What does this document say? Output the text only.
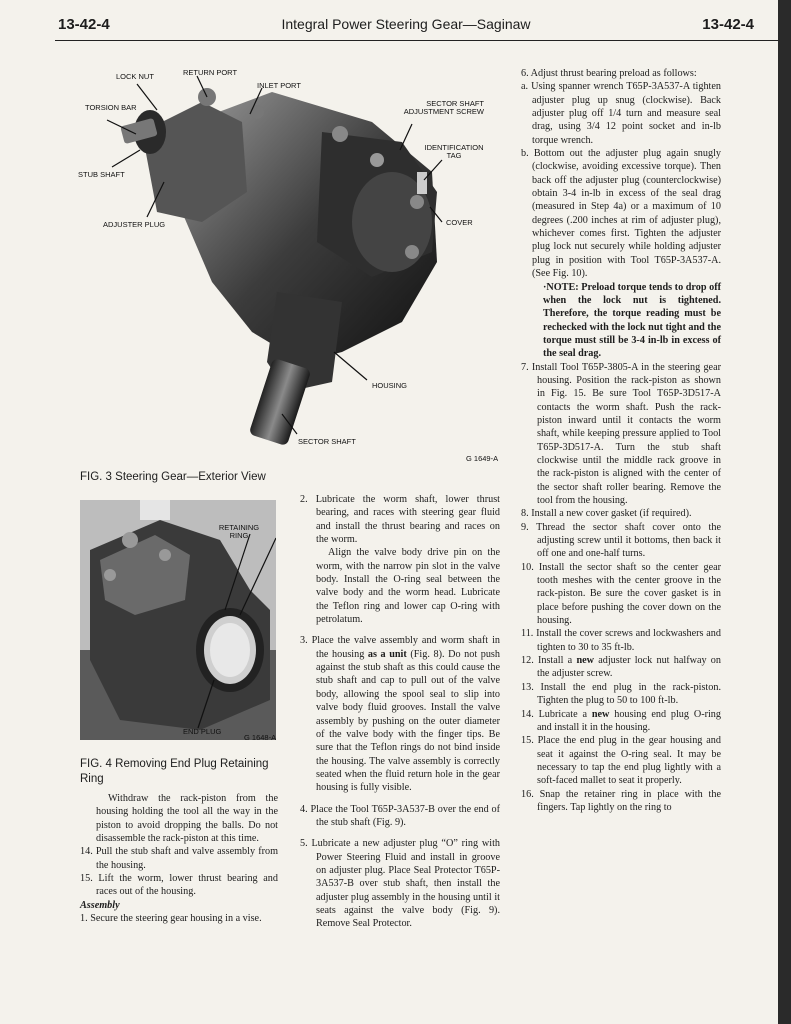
13-42-4	Integral Power Steering Gear—Saginaw	13-42-4
LOCK NUT	RETURN PORT
INLET PORT
TORSION BAR	SECTOR SHAFT ADJUSTMENT SCREW
IDENTIFICATION TAG
STUB SHAFT
ADJUSTER PLUG	COVER
HOUSING
SECTOR SHAFT
G 1649-A
FIG. 3 Steering Gear—Exterior View
RETAINING RING
END PLUG
G 1648-A
FIG. 4 Removing End Plug Retaining Ring

Withdraw the rack-piston from the housing holding the tool all the way in the piston to avoid dropping the balls. Do not disassemble the rack-piston at this time.

14. Pull the stub shaft and valve assembly from the housing.

15. Lift the worm, lower thrust bearing and races out of the housing.

Assembly

1. Secure the steering gear housing in a vise.

2. Lubricate the worm shaft, lower thrust bearing, and races with steering gear fluid and install the thrust bearing and races on the worm.

Align the valve body drive pin on the worm, with the narrow pin slot in the valve body. Install the O-ring seal between the valve body and the worm head. Lubricate the Teflon ring and lower cap O-ring with petrolatum.

3. Place the valve assembly and worm shaft in the housing as a unit (Fig. 8). Do not push against the stub shaft as this could cause the stub shaft and cap to pull out of the valve body, allowing the spool seal to slip into valve body fluid grooves. Install the valve assembly by pushing on the outer diameter of the valve body with the finger tips. Be sure that the Teflon rings do not bind inside the housing. The valve assembly is correctly seated when the fluid return hole in the gear housing is fully visible.

4. Place the Tool T65P-3A537-B over the end of the stub shaft (Fig. 9).

5. Lubricate a new adjuster plug “O” ring with Power Steering Fluid and install in groove on adjuster plug. Place Seal Protector T65P-3A537-B over stub shaft, then install the adjuster plug assembly in the housing until it seats against the valve body (Fig. 9). Remove Seal Protector.

6. Adjust thrust bearing preload as follows:

a. Using spanner wrench T65P-3A537-A tighten adjuster plug up snug (clockwise). Back adjuster plug off 1/4 turn and measure seal drag, using 3/4 12 point socket and in-lb torque wrench.

b. Bottom out the adjuster plug again snugly (clockwise, avoiding excessive torque). Then back off the adjuster plug (counterclockwise) obtain 3-4 in-lb in excess of the seal drag (measured in Step 4a) or a maximum of 10 degrees (.200 inches at rim of adjuster plug), whichever comes first. Tighten the adjuster plug lock nut securely while holding adjuster plug in position with Tool T65P-3A537-A. (See Fig. 10).

·NOTE: Preload torque tends to drop off when the lock nut is tightened. Therefore, the torque reading must be rechecked with the lock nut tight and the torque must still be 3-4 in-lb in excess of the seal drag.

7. Install Tool T65P-3805-A in the steering gear housing. Position the rack-piston as shown in Fig. 15. Be sure Tool T65P-3D517-A contacts the worm shaft. Push the rack-piston inward until it contacts the worm shaft, while keeping pressure applied to Tool T65P-3D517-A. Turn the stub shaft clockwise until the middle rack groove in the rack-piston is aligned with the center of the sector shaft roller bearing. Remove the tool from the housing.

8. Install a new cover gasket (if required).

9. Thread the sector shaft cover onto the adjusting screw until it bottoms, then back it off one and one-half turns.

10. Install the sector shaft so the center gear tooth meshes with the center groove in the rack-piston. Be sure the cover gasket is in place before pushing the cover down on the housing.

11. Install the cover screws and lockwashers and tighten to 30 to 35 ft-lb.

12. Install a new adjuster lock nut halfway on the adjuster screw.

13. Install the end plug in the rack-piston. Tighten the plug to 50 to 100 ft-lb.

14. Lubricate a new housing end plug O-ring and install it in the housing.

15. Place the end plug in the gear housing and seat it against the O-ring seal. It may be necessary to tap the end plug lightly with a soft-faced mallet to seat it properly.

16. Snap the retainer ring in place with the fingers. Tap lightly on the ring to
